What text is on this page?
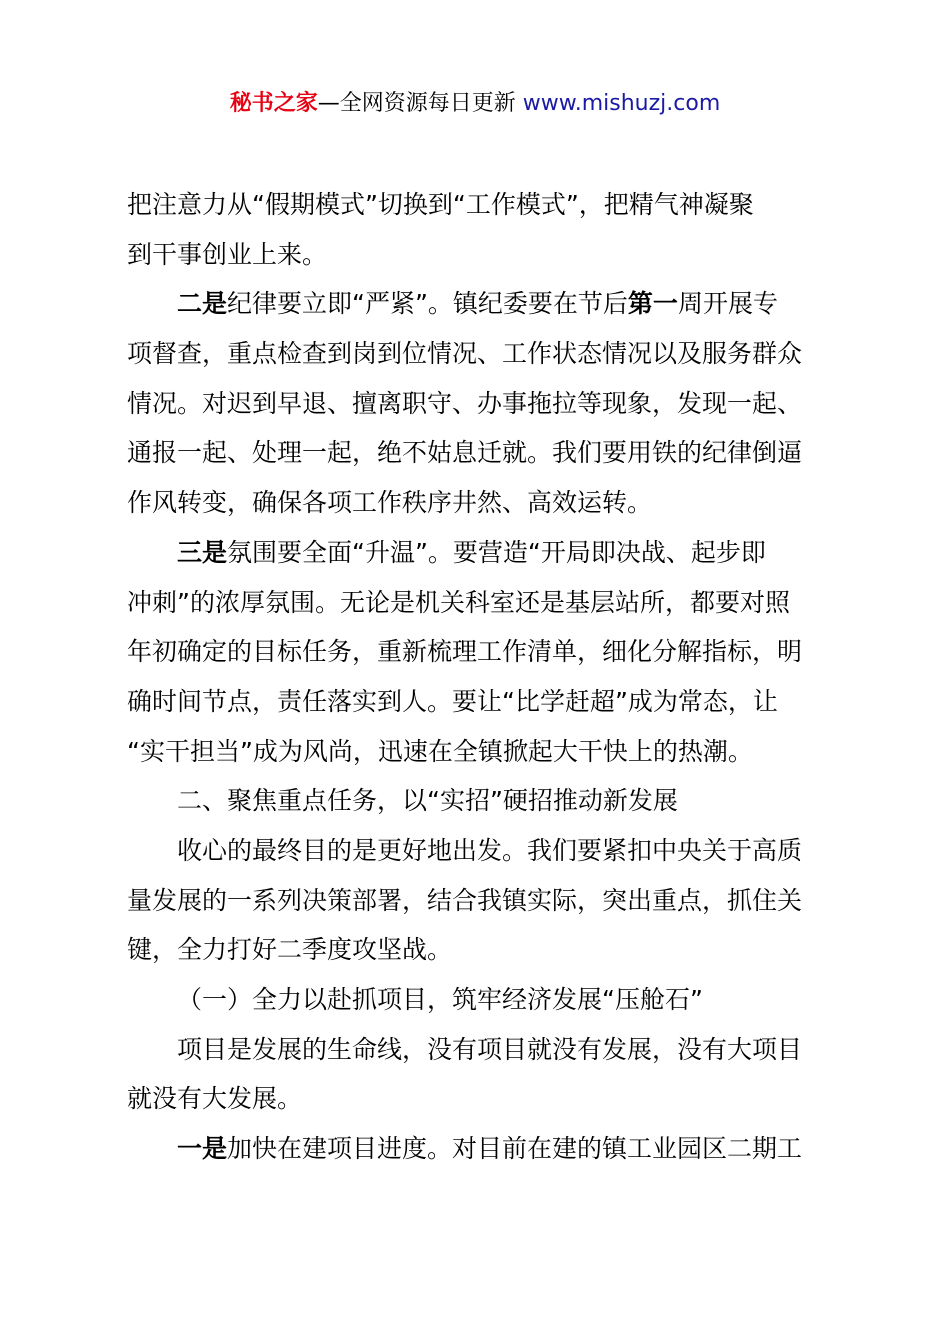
秘书之家—全网资源每日更新 www.mishuzj.com
把注意力从“假期模式”切换到“工作模式”，把精气神凝聚
到干事创业上来。
二是纪律要立即“严紧”。镇纪委要在节后第一周开展专
项督查，重点检查到岗到位情况、工作状态情况以及服务群众
情况。对迟到早退、擅离职守、办事拖拉等现象，发现一起、
通报一起、处理一起，绝不姑息迁就。我们要用铁的纪律倒逼
作风转变，确保各项工作秩序井然、高效运转。
三是氛围要全面“升温”。要营造“开局即决战、起步即
冲刺”的浓厚氛围。无论是机关科室还是基层站所，都要对照
年初确定的目标任务，重新梳理工作清单，细化分解指标，明
确时间节点，责任落实到人。要让“比学赶超”成为常态，让
“实干担当”成为风尚，迅速在全镇掀起大干快上的热潮。
二、聚焦重点任务，以“实招”硬招推动新发展
收心的最终目的是更好地出发。我们要紧扣中央关于高质
量发展的一系列决策部署，结合我镇实际，突出重点，抓住关
键，全力打好二季度攻坚战。
（一）全力以赴抓项目，筑牢经济发展“压舱石”
项目是发展的生命线，没有项目就没有发展，没有大项目
就没有大发展。
一是加快在建项目进度。对目前在建的镇工业园区二期工
